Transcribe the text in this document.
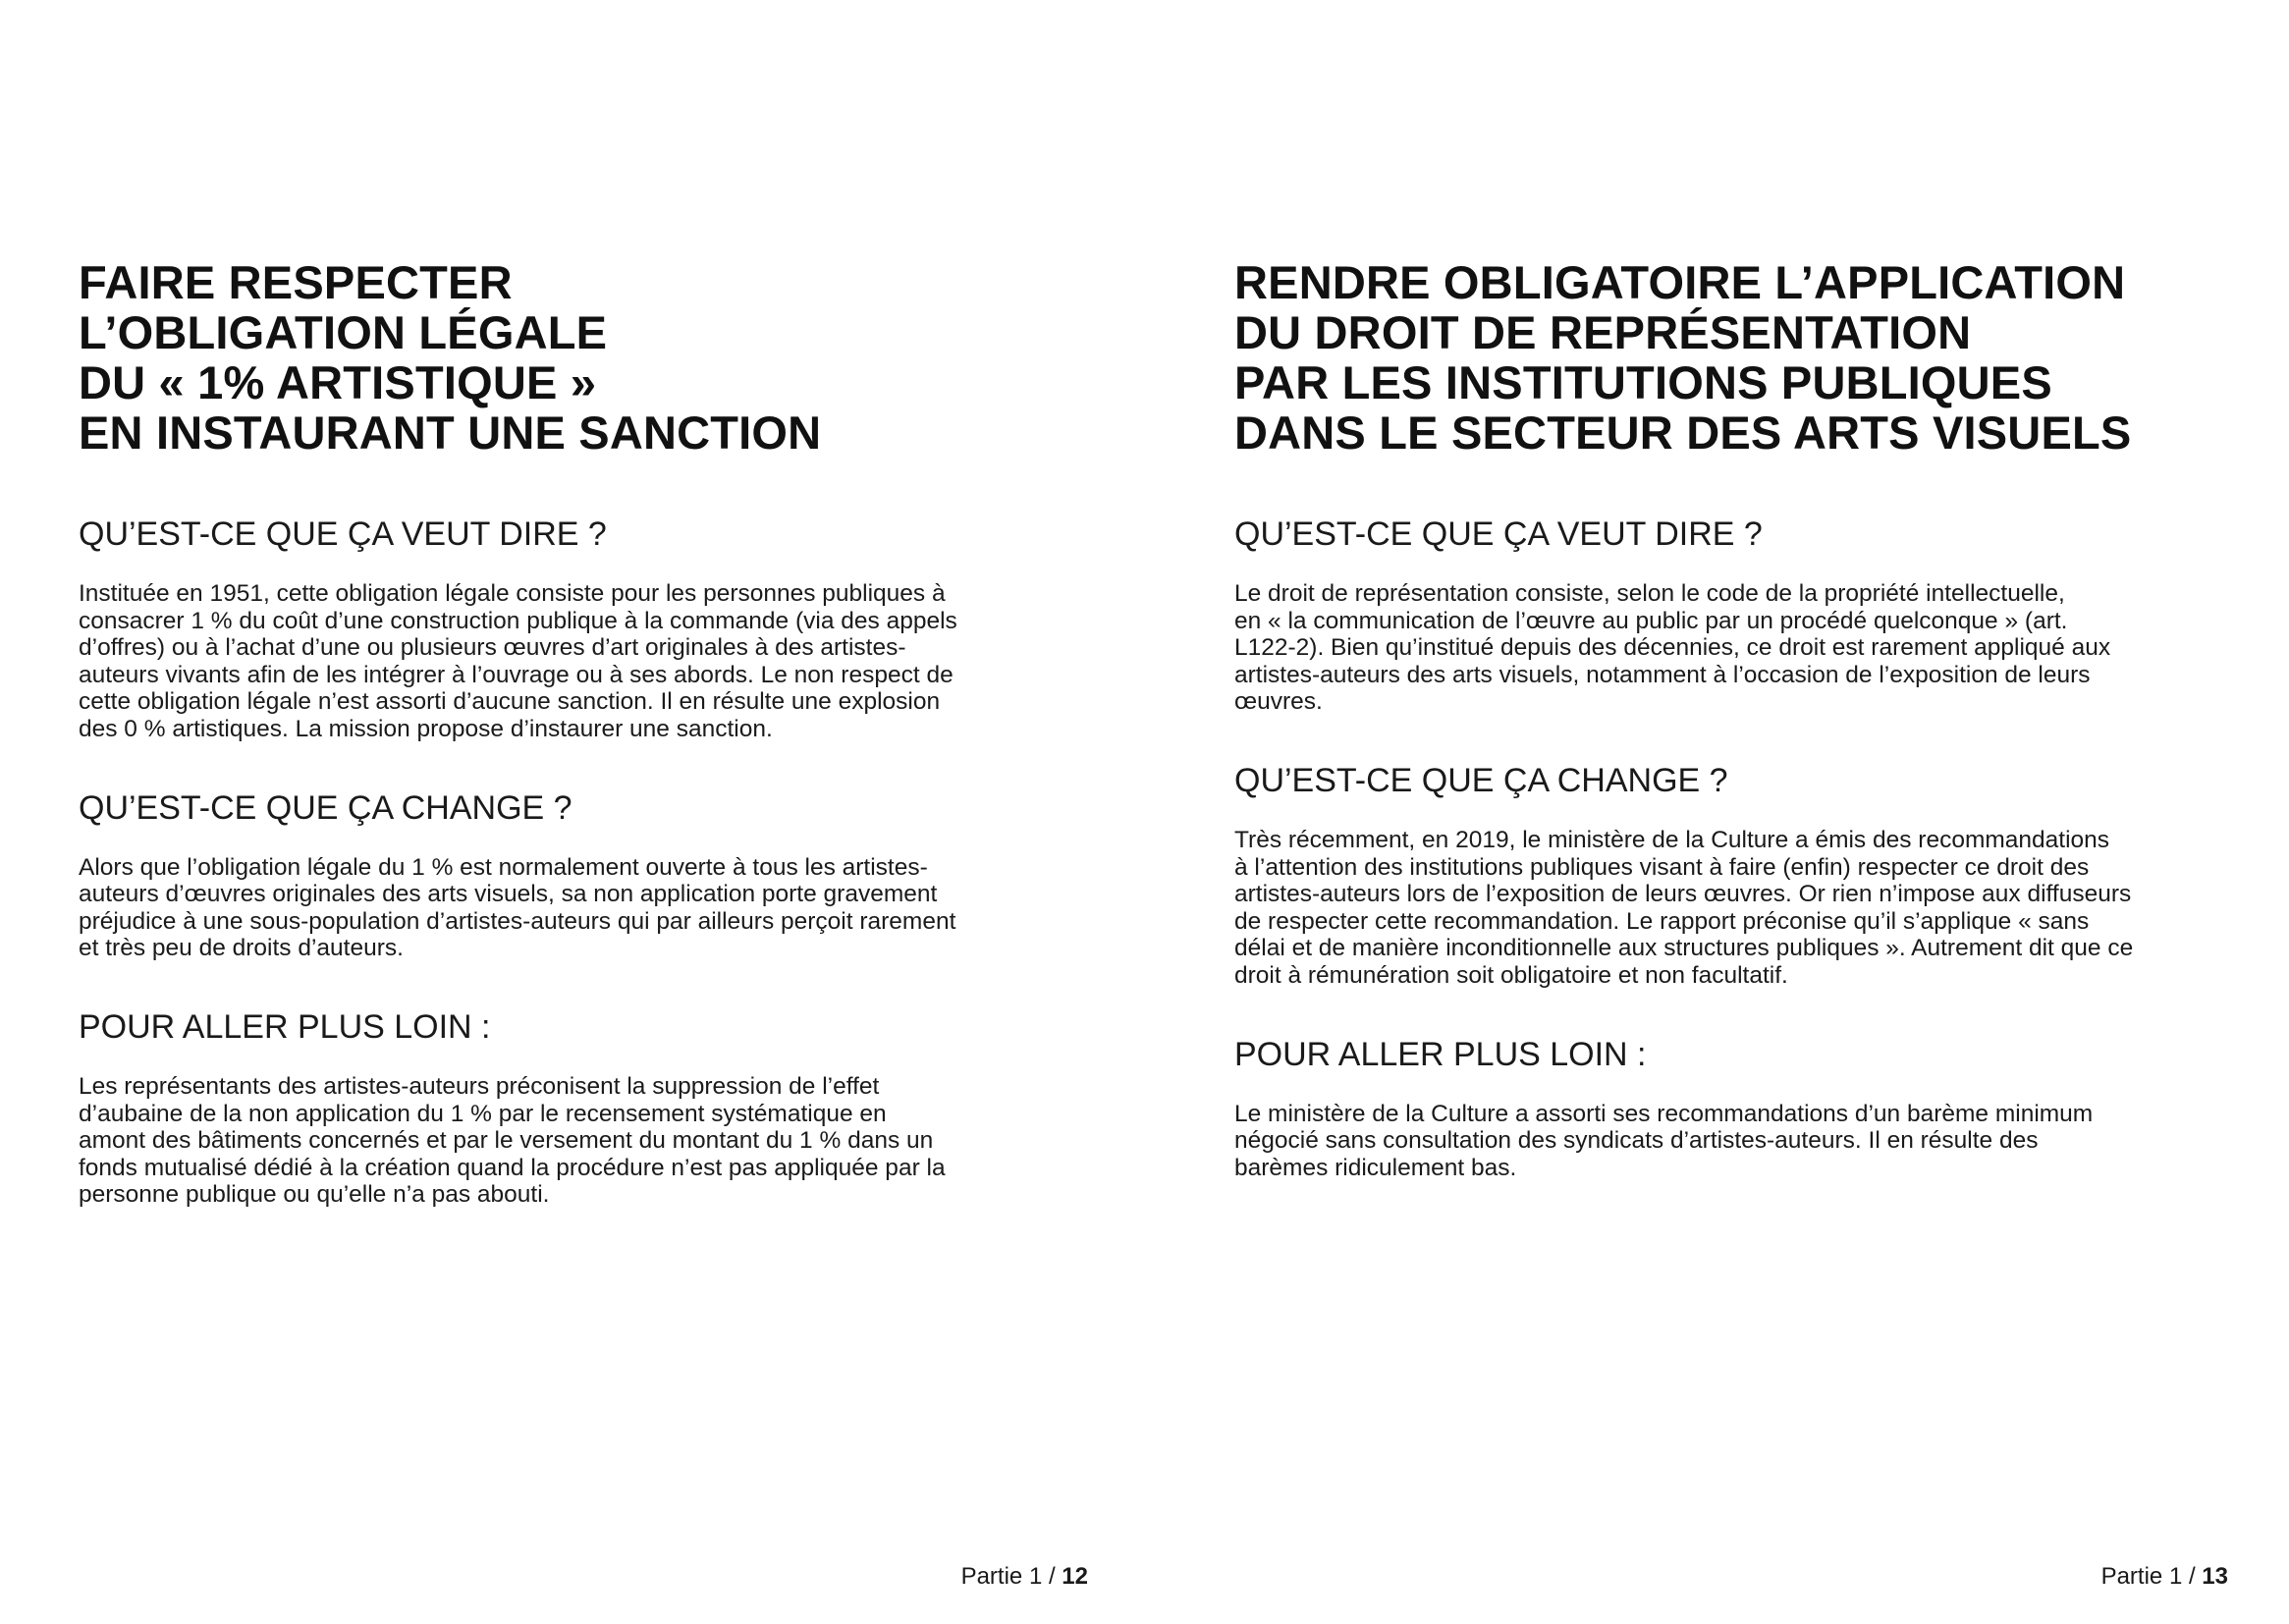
FAIRE RESPECTER
L’OBLIGATION LÉGALE
DU « 1% ARTISTIQUE »
EN INSTAURANT UNE SANCTION
QU’EST-CE QUE ÇA VEUT DIRE ?

Instituée en 1951, cette obligation légale consiste pour les personnes publiques à
consacrer 1 % du coût d’une construction publique à la commande (via des appels
d’offres) ou à l’achat d’une ou plusieurs œuvres d’art originales à des artistes-
auteurs vivants afin de les intégrer à l’ouvrage ou à ses abords. Le non respect de
cette obligation légale n’est assorti d’aucune sanction. Il en résulte une explosion
des 0 % artistiques. La mission propose d’instaurer une sanction.

QU’EST-CE QUE ÇA CHANGE ?

Alors que l’obligation légale du 1 % est normalement ouverte à tous les artistes-
auteurs d’œuvres originales des arts visuels, sa non application porte gravement
préjudice à une sous-population d’artistes-auteurs qui par ailleurs perçoit rarement
et très peu de droits d’auteurs.

POUR ALLER PLUS LOIN :

Les représentants des artistes-auteurs préconisent la suppression de l’effet
d’aubaine de la non application du 1 % par le recensement systématique en
amont des bâtiments concernés et par le versement du montant du 1 % dans un
fonds mutualisé dédié à la création quand la procédure n’est pas appliquée par la
personne publique ou qu’elle n’a pas abouti.

Partie 1 / 12
RENDRE OBLIGATOIRE L’APPLICATION
DU DROIT DE REPRÉSENTATION
PAR LES INSTITUTIONS PUBLIQUES
DANS LE SECTEUR DES ARTS VISUELS
QU’EST-CE QUE ÇA VEUT DIRE ?

Le droit de représentation consiste, selon le code de la propriété intellectuelle,
en « la communication de l’œuvre au public par un procédé quelconque » (art.
L122-2). Bien qu’institué depuis des décennies, ce droit est rarement appliqué aux
artistes-auteurs des arts visuels, notamment à l’occasion de l’exposition de leurs
œuvres.

QU’EST-CE QUE ÇA CHANGE ?

Très récemment, en 2019, le ministère de la Culture a émis des recommandations
à l’attention des institutions publiques visant à faire (enfin) respecter ce droit des
artistes-auteurs lors de l’exposition de leurs œuvres. Or rien n’impose aux diffuseurs
de respecter cette recommandation. Le rapport préconise qu’il s’applique « sans
délai et de manière inconditionnelle aux structures publiques ». Autrement dit que ce
droit à rémunération soit obligatoire et non facultatif.

POUR ALLER PLUS LOIN :

Le ministère de la Culture a assorti ses recommandations d’un barème minimum
négocié sans consultation des syndicats d’artistes-auteurs. Il en résulte des
barèmes ridiculement bas.

Partie 1 / 13
